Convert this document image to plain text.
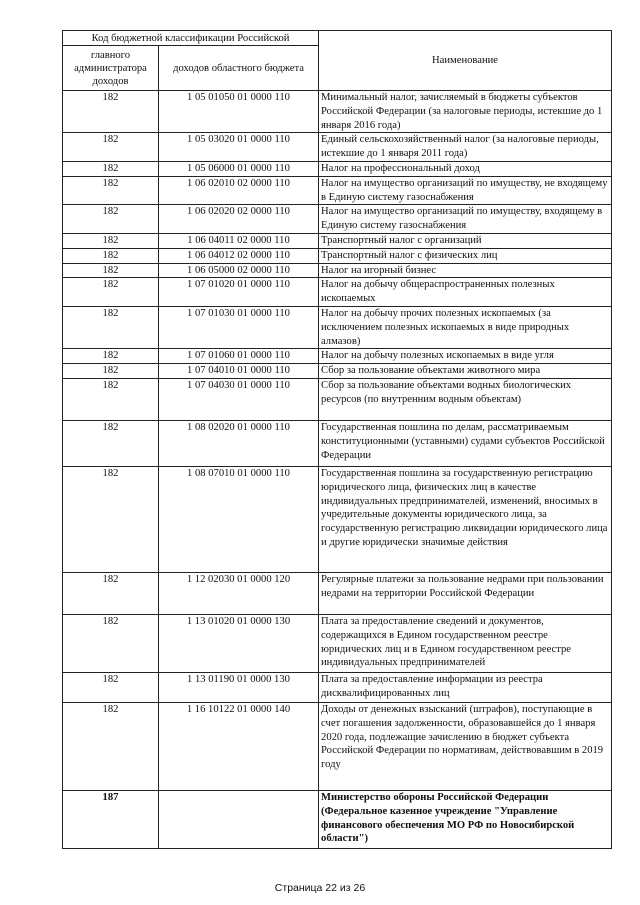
Код бюджетной классификации Российской		Наименование
главного администратора доходов	доходов областного бюджета	
182	1 05 01050 01 0000 110	Минимальный налог, зачисляемый в бюджеты субъектов Российской Федерации (за налоговые периоды, истекшие до 1 января 2016 года)
182	1 05 03020 01 0000 110	Единый сельскохозяйственный налог (за налоговые периоды, истекшие до 1 января 2011 года)
182	1 05 06000 01 0000 110	Налог на профессиональный доход
182	1 06 02010 02 0000 110	Налог на имущество организаций по имуществу, не входящему в Единую систему газоснабжения
182	1 06 02020 02 0000 110	Налог на имущество организаций по имуществу, входящему в Единую систему газоснабжения
182	1 06 04011 02 0000 110	Транспортный налог с организаций
182	1 06 04012 02 0000 110	Транспортный налог с физических лиц
182	1 06 05000 02 0000 110	Налог на игорный бизнес
182	1 07 01020 01 0000 110	Налог на добычу общераспространенных полезных ископаемых
182	1 07 01030 01 0000 110	Налог на добычу прочих полезных ископаемых (за исключением полезных ископаемых в виде природных алмазов)
182	1 07 01060 01 0000 110	Налог на добычу полезных ископаемых в виде угля
182	1 07 04010 01 0000 110	Сбор за пользование объектами животного мира
182	1 07 04030 01 0000 110	Сбор за пользование объектами водных биологических ресурсов (по внутренним водным объектам)
182	1 08 02020 01 0000 110	Государственная пошлина по делам, рассматриваемым конституционными (уставными) судами субъектов Российской Федерации
182	1 08 07010 01 0000 110	Государственная пошлина за государственную регистрацию юридического лица, физических лиц в качестве индивидуальных предпринимателей, изменений, вносимых в учредительные документы юридического лица, за государственную регистрацию ликвидации юридического лица и другие юридически значимые действия
182	1 12 02030 01 0000 120	Регулярные платежи за пользование недрами при пользовании недрами на территории Российской Федерации
182	1 13 01020 01 0000 130	Плата за предоставление сведений и документов, содержащихся в Едином государственном реестре юридических лиц и в Едином государственном реестре индивидуальных предпринимателей
182	1 13 01190 01 0000 130	Плата за предоставление информации из реестра дисквалифицированных лиц
182	1 16 10122 01 0000 140	Доходы от денежных взысканий (штрафов), поступающие в счет погашения задолженности, образовавшейся до 1 января 2020 года, подлежащие зачислению в бюджет субъекта Российской Федерации по нормативам, действовавшим в 2019 году
187		Министерство обороны Российской Федерации (Федеральное казенное учреждение "Управление финансового обеспечения МО РФ по Новосибирской области")
Страница 22 из 26
